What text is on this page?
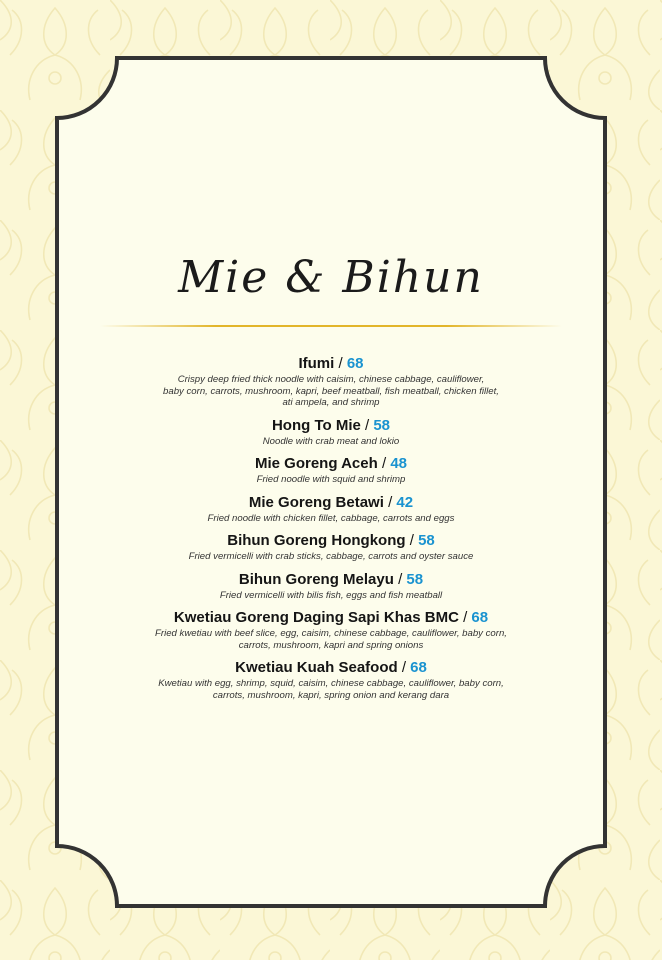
Mie & Bihun
Ifumi / 68
Crispy deep fried thick noodle with caisim, chinese cabbage, cauliflower,
baby corn, carrots, mushroom, kapri, beef meatball, fish meatball, chicken fillet,
ati ampela, and shrimp
Hong To Mie / 58
Noodle with crab meat and lokio
Mie Goreng Aceh / 48
Fried noodle with squid and shrimp
Mie Goreng Betawi / 42
Fried noodle with chicken fillet, cabbage, carrots and eggs
Bihun Goreng Hongkong / 58
Fried vermicelli with crab sticks, cabbage, carrots and oyster sauce
Bihun Goreng Melayu / 58
Fried vermicelli with bilis fish, eggs and fish meatball
Kwetiau Goreng Daging Sapi Khas BMC / 68
Fried kwetiau with beef slice, egg, caisim, chinese cabbage, cauliflower, baby corn,
carrots, mushroom, kapri and spring onions
Kwetiau Kuah Seafood / 68
Kwetiau with egg, shrimp, squid, caisim, chinese cabbage, cauliflower, baby corn,
carrots, mushroom, kapri, spring onion and kerang dara
